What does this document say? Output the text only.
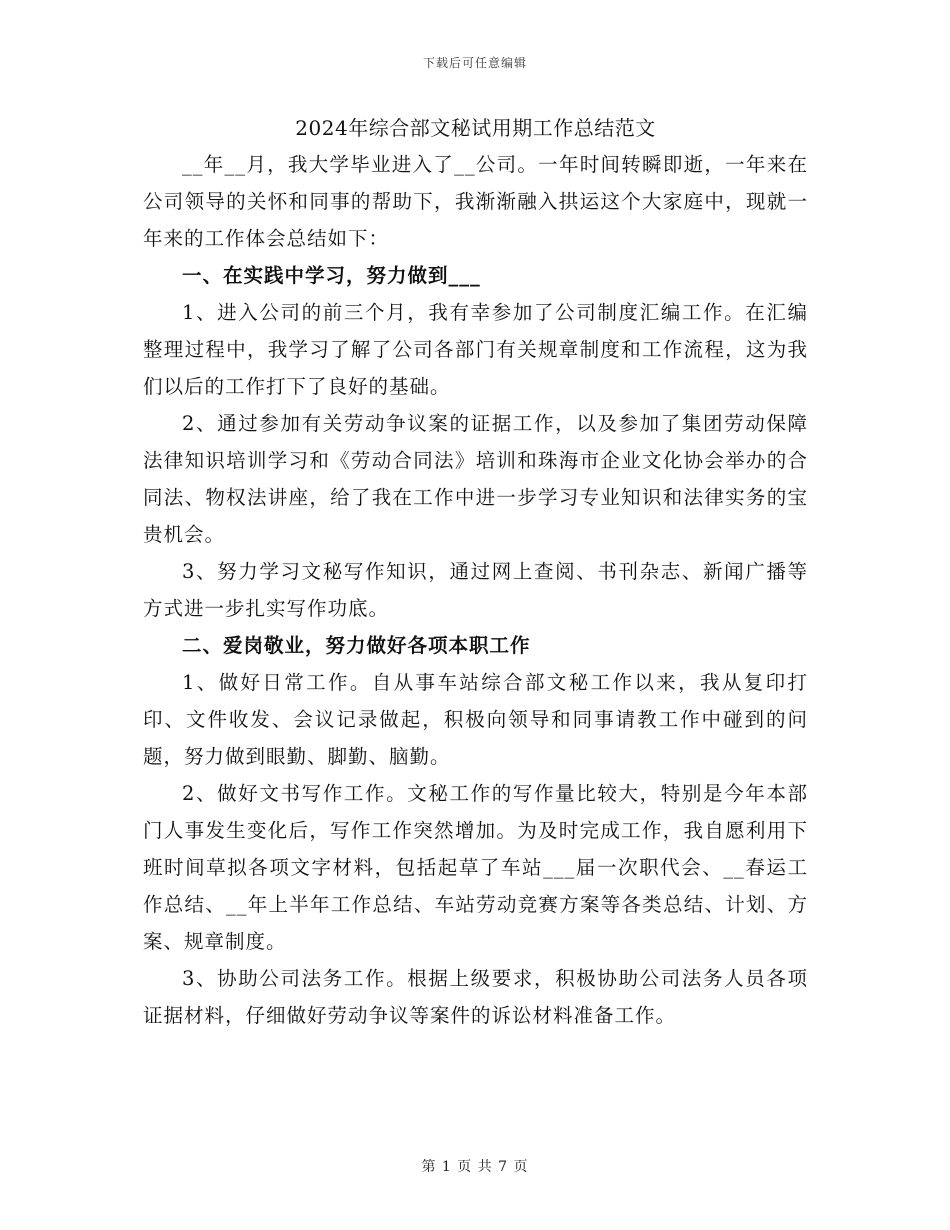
下载后可任意编辑
2024年综合部文秘试用期工作总结范文

__年__月，我大学毕业进入了__公司。一年时间转瞬即逝，一年来在公司领导的关怀和同事的帮助下，我渐渐融入拱运这个大家庭中，现就一年来的工作体会总结如下：

一、在实践中学习，努力做到___

1、进入公司的前三个月，我有幸参加了公司制度汇编工作。在汇编整理过程中，我学习了解了公司各部门有关规章制度和工作流程，这为我们以后的工作打下了良好的基础。

2、通过参加有关劳动争议案的证据工作，以及参加了集团劳动保障法律知识培训学习和《劳动合同法》培训和珠海市企业文化协会举办的合同法、物权法讲座，给了我在工作中进一步学习专业知识和法律实务的宝贵机会。

3、努力学习文秘写作知识，通过网上查阅、书刊杂志、新闻广播等方式进一步扎实写作功底。

二、爱岗敬业，努力做好各项本职工作

1、做好日常工作。自从事车站综合部文秘工作以来，我从复印打印、文件收发、会议记录做起，积极向领导和同事请教工作中碰到的问题，努力做到眼勤、脚勤、脑勤。

2、做好文书写作工作。文秘工作的写作量比较大，特别是今年本部门人事发生变化后，写作工作突然增加。为及时完成工作，我自愿利用下班时间草拟各项文字材料，包括起草了车站___届一次职代会、__春运工作总结、__年上半年工作总结、车站劳动竞赛方案等各类总结、计划、方案、规章制度。

3、协助公司法务工作。根据上级要求，积极协助公司法务人员各项证据材料，仔细做好劳动争议等案件的诉讼材料准备工作。

第 1 页 共 7 页
